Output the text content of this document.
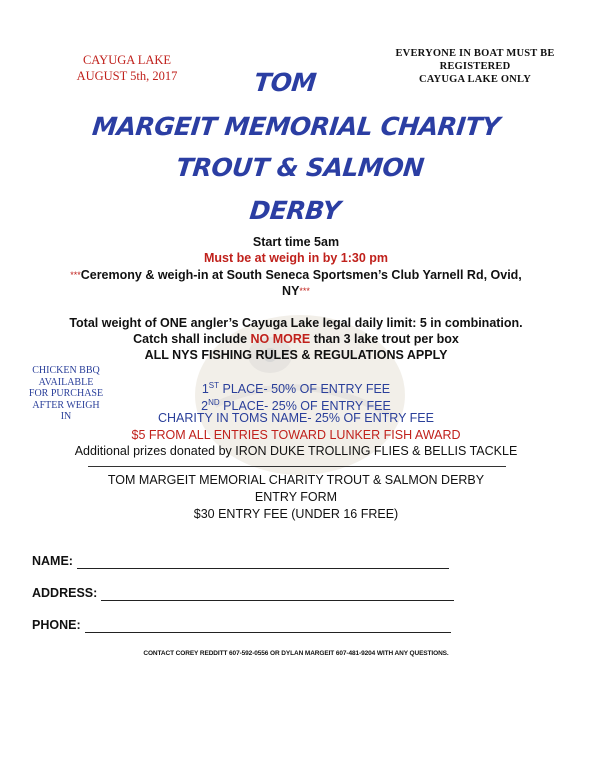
CAYUGA LAKE
AUGUST 5th, 2017
EVERYONE IN BOAT MUST BE
REGISTERED
CAYUGA LAKE ONLY
TOM
MARGEIT MEMORIAL CHARITY
TROUT & SALMON
DERBY
Start time 5am
Must be at weigh in by 1:30 pm
***Ceremony & weigh-in at South Seneca Sportsmen’s Club Yarnell Rd, Ovid,
NY***
Total weight of ONE angler’s Cayuga Lake legal daily limit: 5 in combination.
Catch shall include NO MORE than 3 lake trout per box
ALL NYS FISHING RULES & REGULATIONS APPLY
CHICKEN BBQ
AVAILABLE
FOR PURCHASE
AFTER WEIGH
IN
1ST PLACE- 50% OF ENTRY FEE
2ND PLACE- 25% OF ENTRY FEE
CHARITY IN TOMS NAME- 25% OF ENTRY FEE
$5 FROM ALL ENTRIES TOWARD LUNKER FISH AWARD
Additional prizes donated by IRON DUKE TROLLING FLIES & BELLIS TACKLE
TOM MARGEIT MEMORIAL CHARITY TROUT & SALMON DERBY
ENTRY FORM
$30 ENTRY FEE (UNDER 16 FREE)
NAME:
ADDRESS:
PHONE:
CONTACT COREY REDDITT 607-592-0556 OR DYLAN MARGEIT 607-481-9204 WITH ANY QUESTIONS.
